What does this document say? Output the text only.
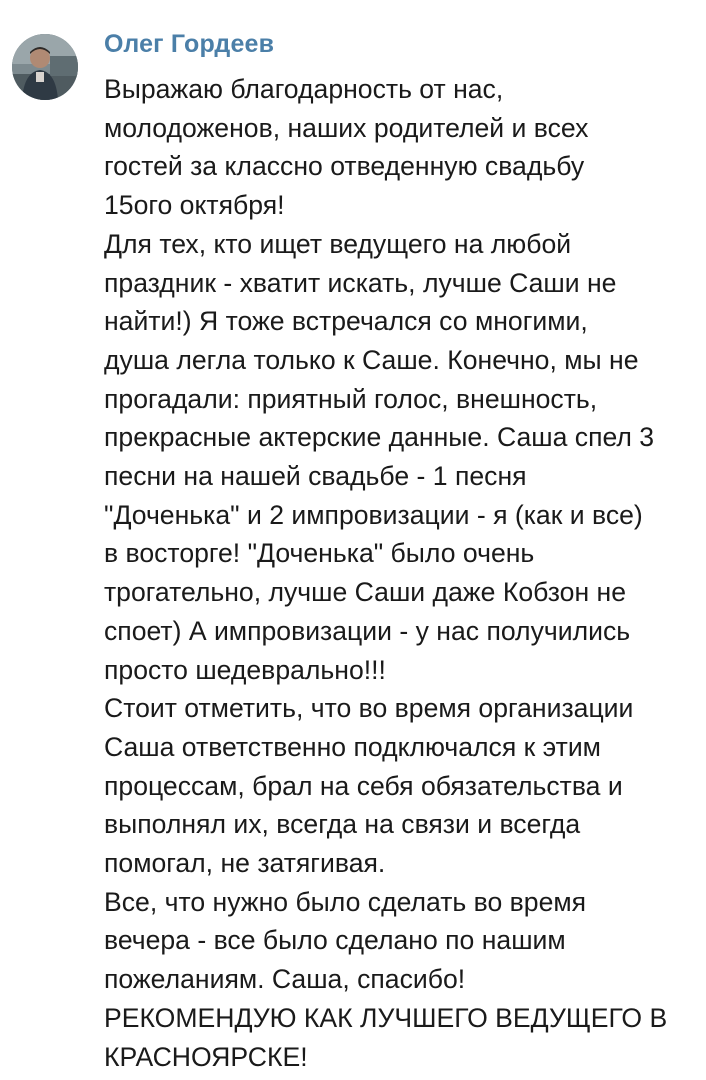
Олег Гордеев
Выражаю благодарность от нас,
молодоженов, наших родителей и всех
гостей за классно отведенную свадьбу
15ого октября!
Для тех, кто ищет ведущего на любой
праздник - хватит искать, лучше Саши не
найти!) Я тоже встречался со многими,
душа легла только к Саше. Конечно, мы не
прогадали: приятный голос, внешность,
прекрасные актерские данные. Саша спел 3
песни на нашей свадьбе - 1 песня
"Доченька" и 2 импровизации - я (как и все)
в восторге! "Доченька" было очень
трогательно, лучше Саши даже Кобзон не
споет) А импровизации - у нас получились
просто шедеврально!!!
Стоит отметить, что во время организации
Саша ответственно подключался к этим
процессам, брал на себя обязательства и
выполнял их, всегда на связи и всегда
помогал, не затягивая.
Все, что нужно было сделать во время
вечера - все было сделано по нашим
пожеланиям. Саша, спасибо!
РЕКОМЕНДУЮ КАК ЛУЧШЕГО ВЕДУЩЕГО В
КРАСНОЯРСКЕ!
